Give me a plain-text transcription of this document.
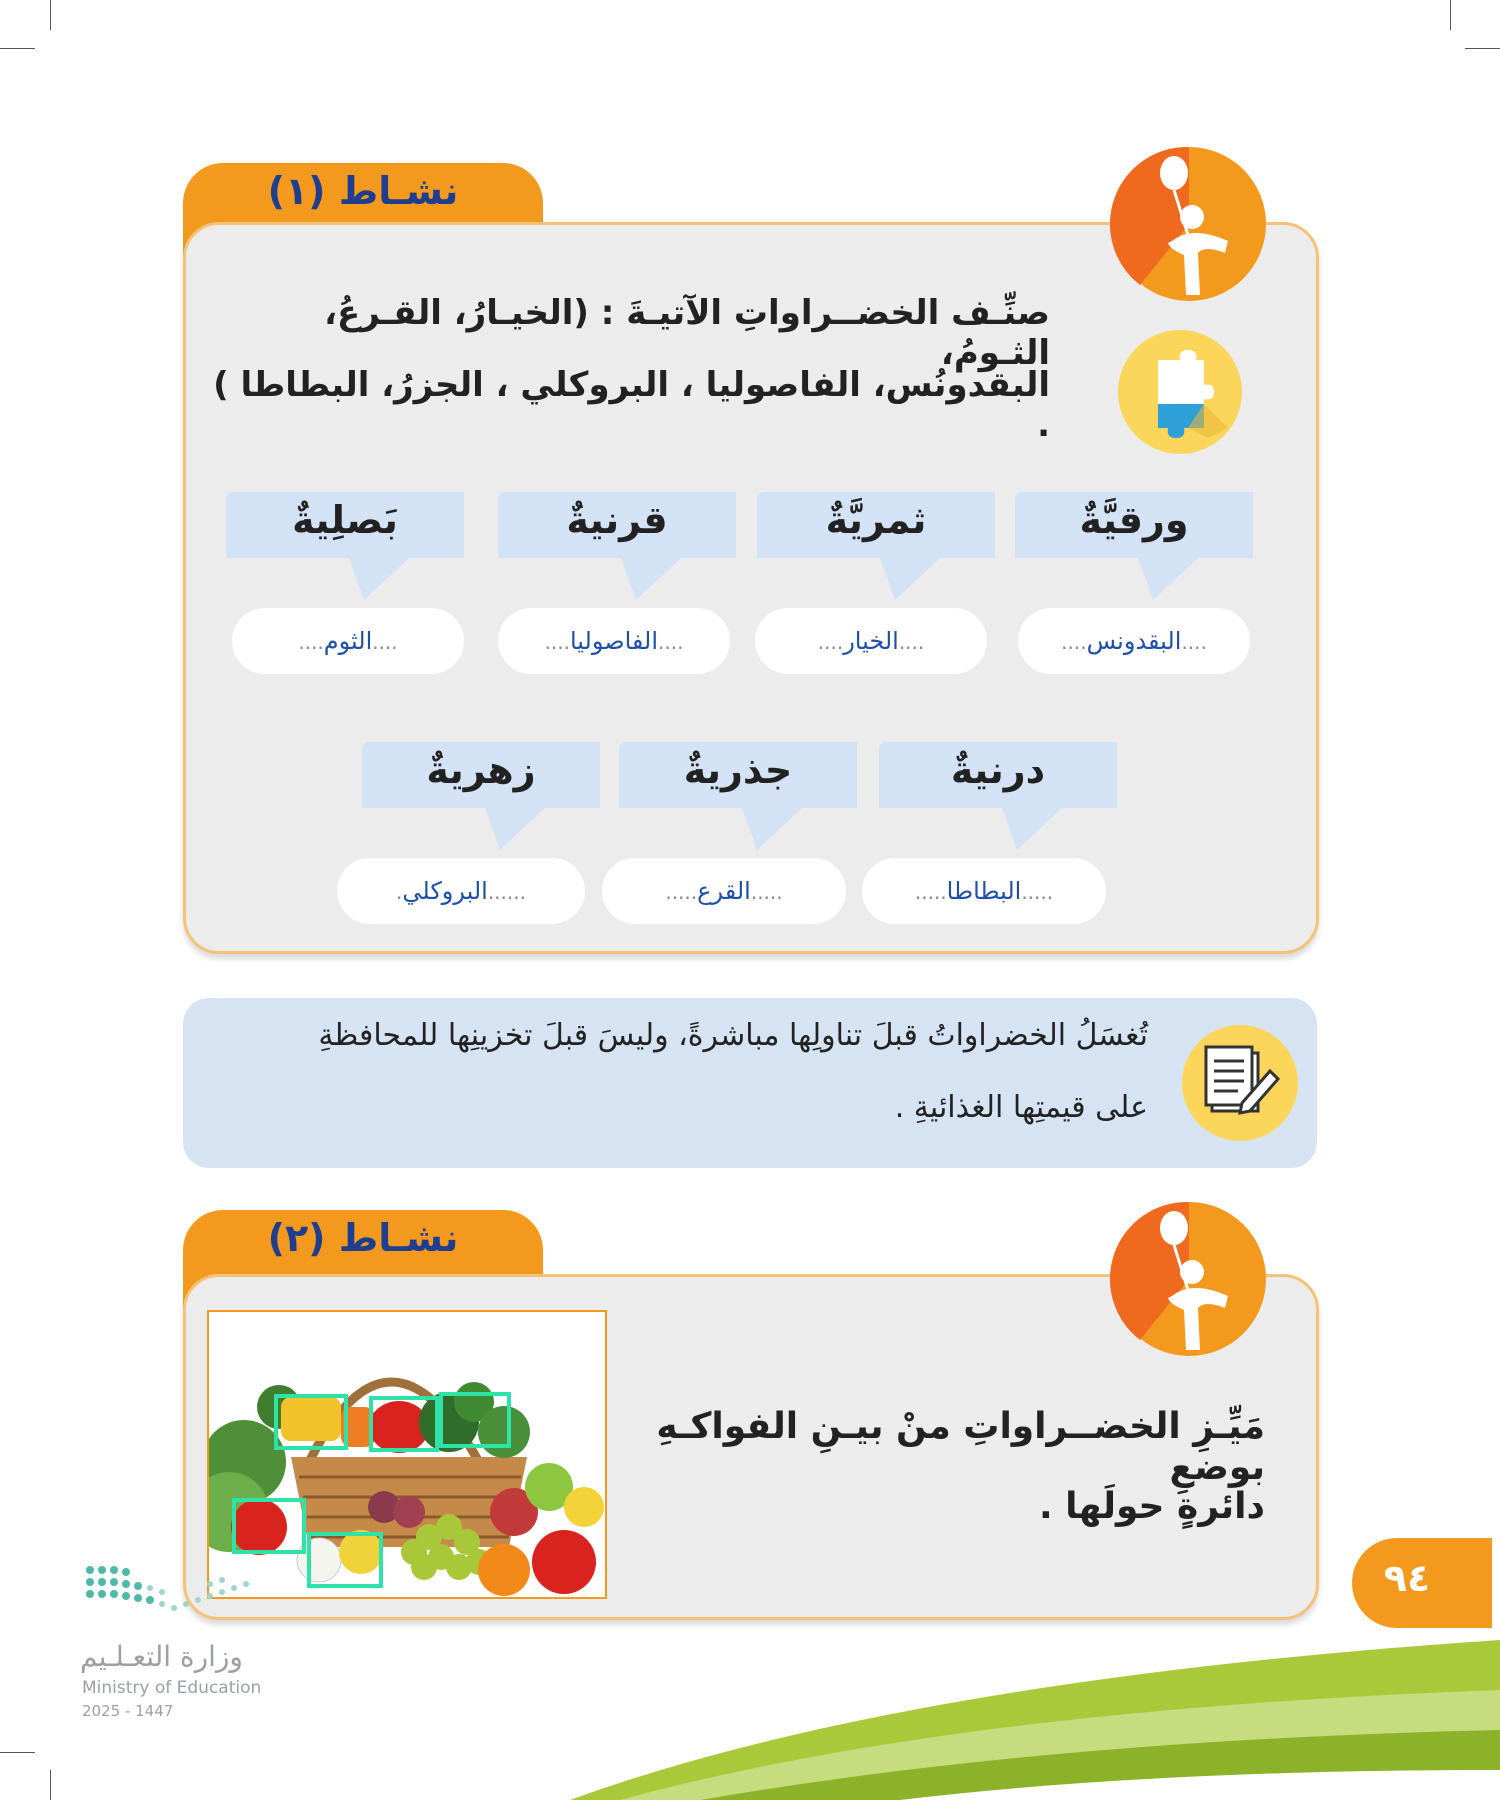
نشـاط (١)
صنِّـف الخضــراواتِ الآتيـةَ : (الخيـارُ، القـرعُ، الثـومُ،
البقدونُس، الفاصوليا ، البروكلي ، الجزرُ، البطاطا ) .
ورقيَّةٌ
ثمريَّةٌ
قرنيةٌ
بَصلِيةٌ
....البقدونس....
....الخيار....
....الفاصوليا....
....الثوم....
درنيةٌ
جذريةٌ
زهريةٌ
.....البطاطا.....
.....القرع.....
......البروكلي.
تُغسَلُ الخضراواتُ قبلَ تناولِها مباشرةً، وليسَ قبلَ تخزينِها للمحافظةِ
على قيمتِها الغذائيةِ .
نشـاط (٢)
مَيِّـزِ الخضــراواتِ منْ بيـنِ الفواكـهِ بوضعِ
دائرةٍ حولَها .
٩٤
وزارة التعـلـيم
Ministry of Education
2025 - 1447
